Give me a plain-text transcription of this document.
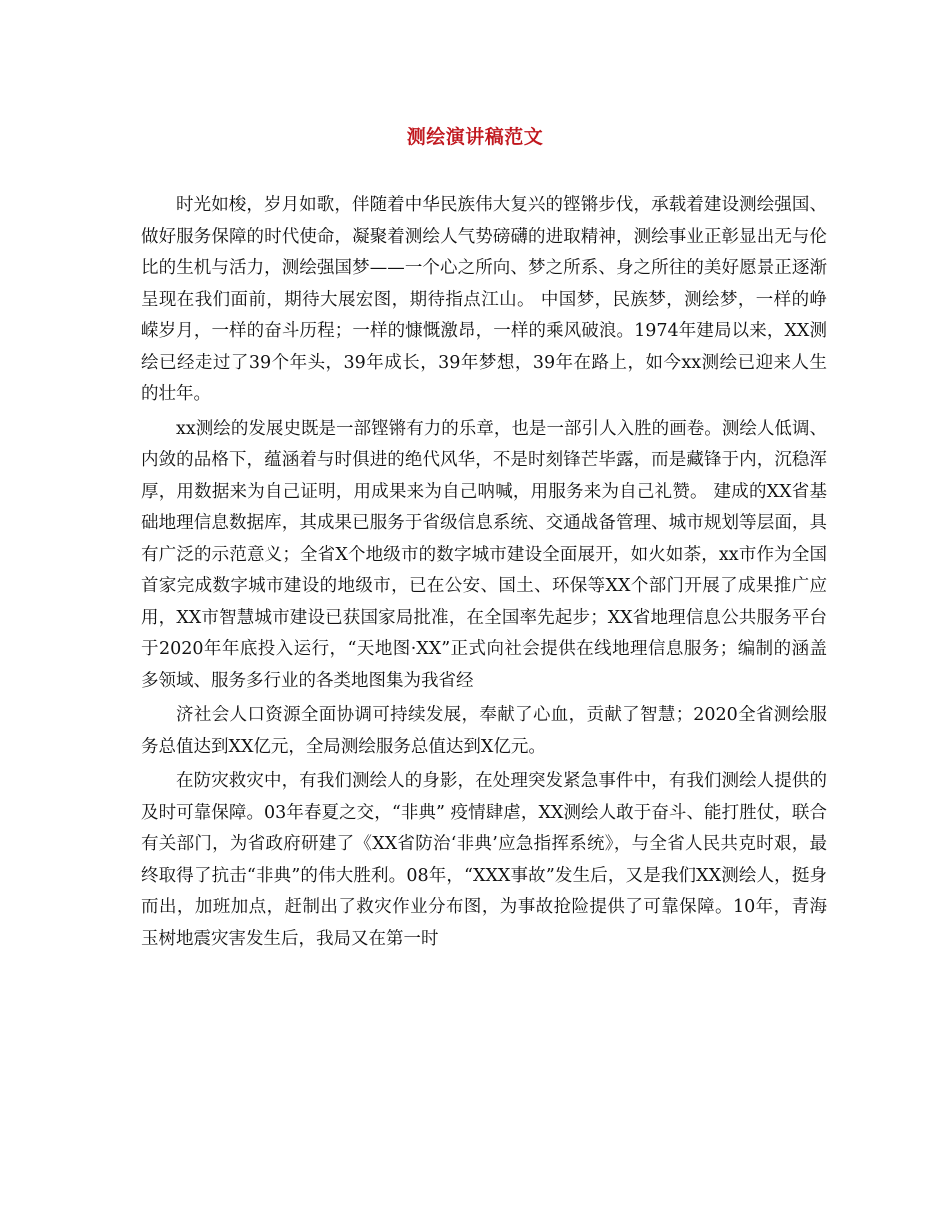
测绘演讲稿范文

时光如梭，岁月如歌，伴随着中华民族伟大复兴的铿锵步伐，承载着建设测绘强国、做好服务保障的时代使命，凝聚着测绘人气势磅礴的进取精神，测绘事业正彰显出无与伦比的生机与活力，测绘强国梦——一个心之所向、梦之所系、身之所往的美好愿景正逐渐呈现在我们面前，期待大展宏图，期待指点江山。 中国梦，民族梦，测绘梦，一样的峥嵘岁月，一样的奋斗历程；一样的慷慨激昂，一样的乘风破浪。1974年建局以来，XX测绘已经走过了39个年头，39年成长，39年梦想，39年在路上，如今xx测绘已迎来人生的壮年。

xx测绘的发展史既是一部铿锵有力的乐章，也是一部引人入胜的画卷。测绘人低调、内敛的品格下，蕴涵着与时俱进的绝代风华，不是时刻锋芒毕露，而是藏锋于内，沉稳浑厚，用数据来为自己证明，用成果来为自己呐喊，用服务来为自己礼赞。 建成的XX省基础地理信息数据库，其成果已服务于省级信息系统、交通战备管理、城市规划等层面，具有广泛的示范意义；全省X个地级市的数字城市建设全面展开，如火如荼，xx市作为全国首家完成数字城市建设的地级市，已在公安、国土、环保等XX个部门开展了成果推广应用，XX市智慧城市建设已获国家局批准，在全国率先起步；XX省地理信息公共服务平台于2020年年底投入运行，“天地图·XX”正式向社会提供在线地理信息服务；编制的涵盖多领域、服务多行业的各类地图集为我省经

济社会人口资源全面协调可持续发展，奉献了心血，贡献了智慧；2020全省测绘服务总值达到XX亿元，全局测绘服务总值达到X亿元。

在防灾救灾中，有我们测绘人的身影，在处理突发紧急事件中，有我们测绘人提供的及时可靠保障。03年春夏之交，“非典” 疫情肆虐，XX测绘人敢于奋斗、能打胜仗，联合有关部门，为省政府研建了《XX省防治‘非典’应急指挥系统》，与全省人民共克时艰，最终取得了抗击“非典”的伟大胜利。08年，“XXX事故”发生后，又是我们XX测绘人，挺身而出，加班加点，赶制出了救灾作业分布图，为事故抢险提供了可靠保障。10年，青海玉树地震灾害发生后，我局又在第一时
